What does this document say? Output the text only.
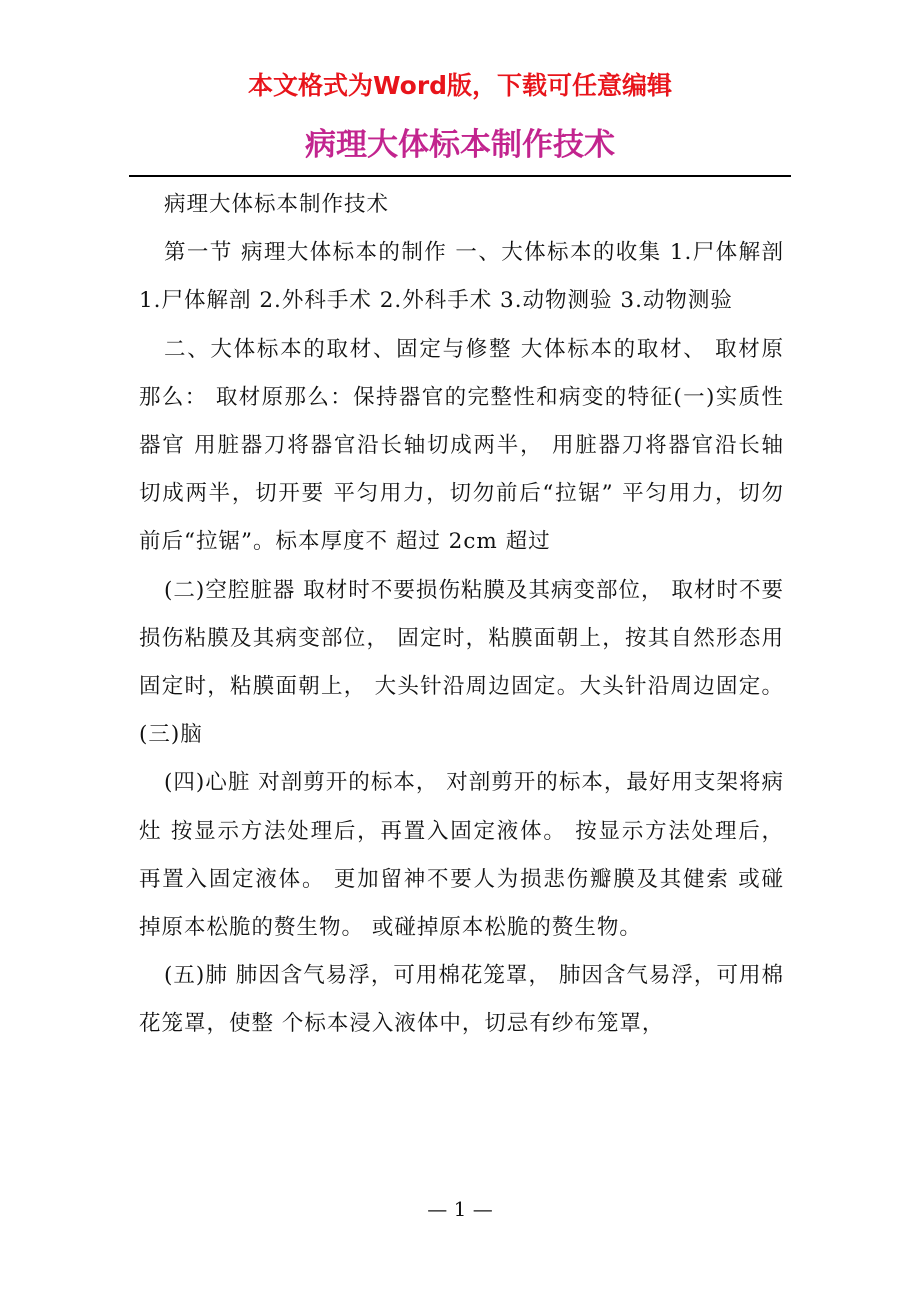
本文格式为Word版，下载可任意编辑
病理大体标本制作技术

病理大体标本制作技术

第一节 病理大体标本的制作 一、大体标本的收集 1.尸体解剖 1.尸体解剖 2.外科手术 2.外科手术 3.动物测验 3.动物测验

二、大体标本的取材、固定与修整 大体标本的取材、 取材原那么： 取材原那么：保持器官的完整性和病变的特征(一)实质性器官 用脏器刀将器官沿长轴切成两半， 用脏器刀将器官沿长轴切成两半，切开要 平匀用力，切勿前后“拉锯” 平匀用力，切勿前后“拉锯”。标本厚度不 超过 2cm 超过

(二)空腔脏器 取材时不要损伤粘膜及其病变部位， 取材时不要损伤粘膜及其病变部位， 固定时，粘膜面朝上，按其自然形态用 固定时，粘膜面朝上， 大头针沿周边固定。大头针沿周边固定。 (三)脑

(四)心脏 对剖剪开的标本， 对剖剪开的标本，最好用支架将病灶 按显示方法处理后，再置入固定液体。 按显示方法处理后，再置入固定液体。 更加留神不要人为损悲伤瓣膜及其健索 或碰掉原本松脆的赘生物。 或碰掉原本松脆的赘生物。

(五)肺 肺因含气易浮，可用棉花笼罩， 肺因含气易浮，可用棉花笼罩，使整 个标本浸入液体中，切忌有纱布笼罩，

— 1 —
